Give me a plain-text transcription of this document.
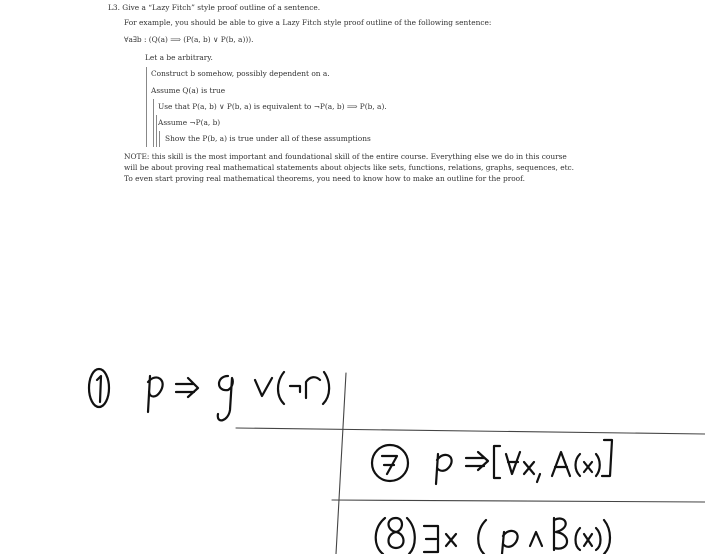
L3. Give a “Lazy Fitch” style proof outline of a sentence.

For example, you should be able to give a Lazy Fitch style proof outline of the following sentence:

∀a∃b : (Q(a) ⟹ (P(a, b) ∨ P(b, a))).

Let a be arbitrary.

Construct b somehow, possibly dependent on a.

Assume Q(a) is true

Use that P(a, b) ∨ P(b, a) is equivalent to ¬P(a, b) ⟹ P(b, a).

Assume ¬P(a, b)

Show the P(b, a) is true under all of these assumptions

NOTE: this skill is the most important and foundational skill of the entire course. Everything else we do in this course

will be about proving real mathematical statements about objects like sets, functions, relations, graphs, sequences, etc.

To even start proving real mathematical theorems, you need to know how to make an outline for the proof.
